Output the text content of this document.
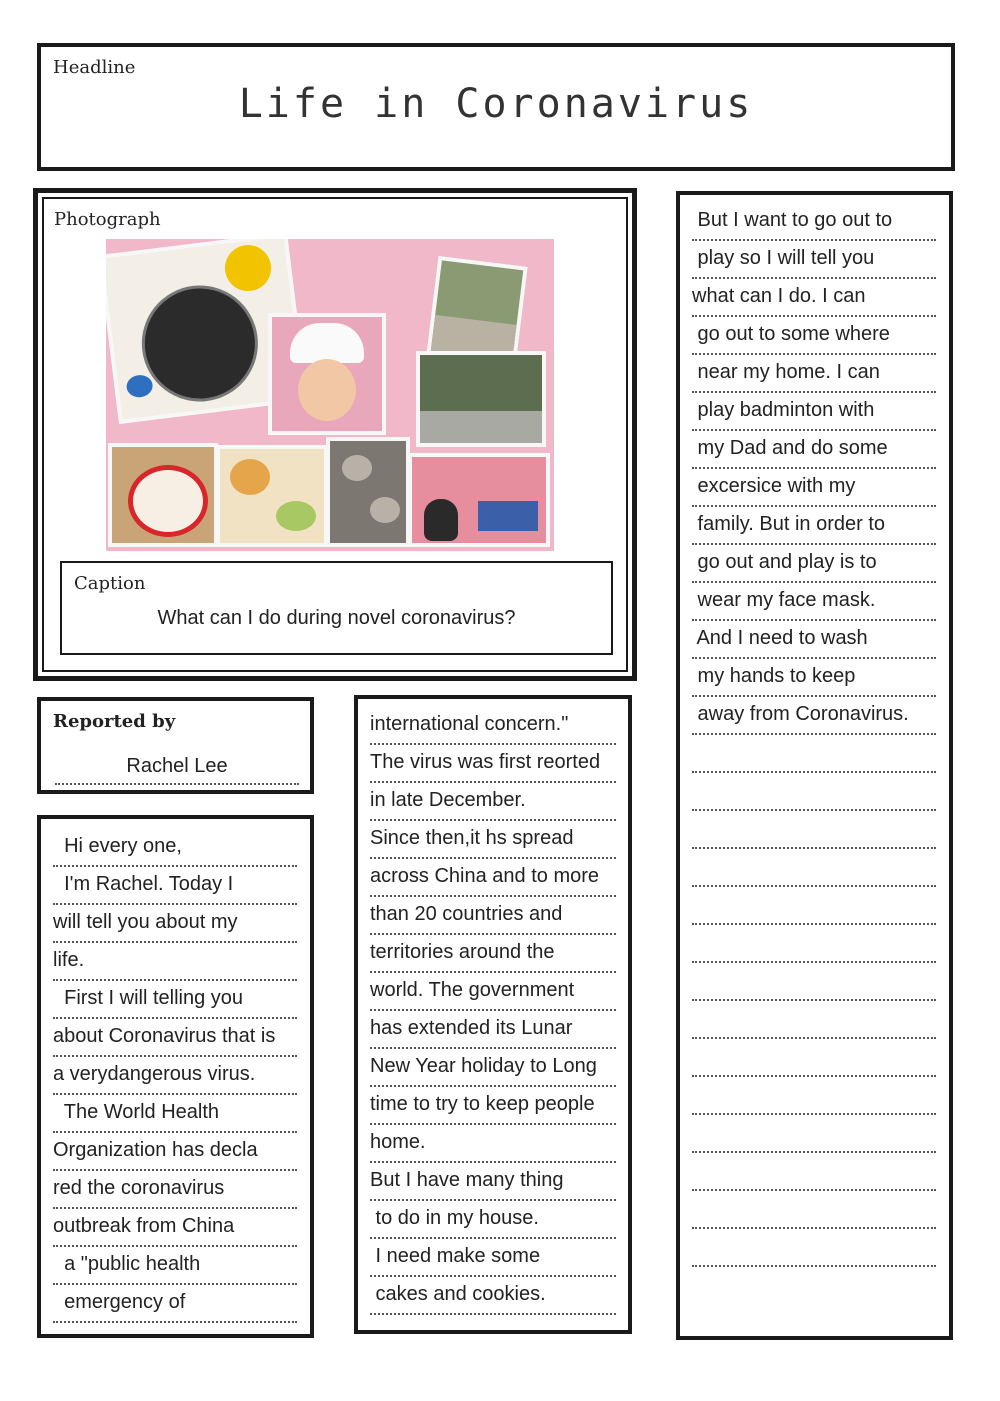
Headline
Life in Coronavirus
Photograph
Caption
What can I do during novel coronavirus?
Reported by
Rachel Lee
Hi every one,
I'm Rachel. Today I
will tell you about my
life.
First I will telling you
about Coronavirus that is
a verydangerous virus.
The World Health
Organization has decla
red the coronavirus
outbreak from China
a "public health
emergency of
international concern."
The virus was first reorted
in late December.
Since then,it hs spread
across China and to more
than 20 countries and
territories around the
world. The government
has extended its Lunar
New Year holiday to Long
time to try to keep people
home.
But I have many thing
to do in my house.
I need make some
cakes and cookies.
But I want to go out to
play so I will tell you
what can I do. I can
go out to some where
near my home. I can
play badminton with
my Dad and do some
excersice with my
family. But in order to
go out and play is to
wear my face mask.
And I need to wash
my hands to keep
away from Coronavirus.
